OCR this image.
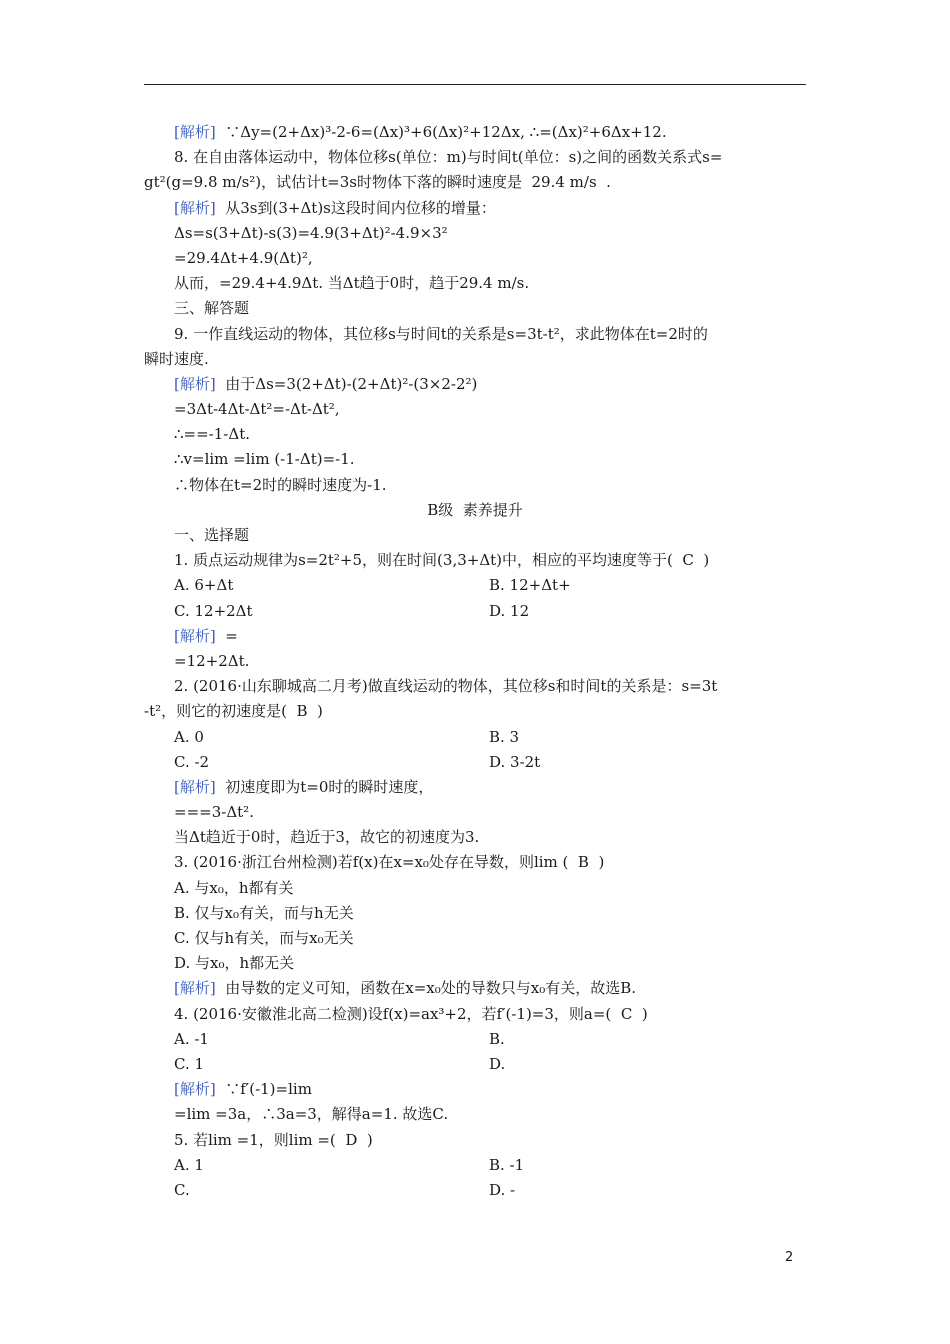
[解析]  ∵Δy=(2+Δx)³-2-6=(Δx)³+6(Δx)²+12Δx, ∴=(Δx)²+6Δx+12.
8. 在自由落体运动中，物体位移s(单位：m)与时间t(单位：s)之间的函数关系式s=
gt²(g=9.8 m/s²)，试估计t=3s时物体下落的瞬时速度是  29.4 m/s  .
[解析]  从3s到(3+Δt)s这段时间内位移的增量：
Δs=s(3+Δt)-s(3)=4.9(3+Δt)²-4.9×3²
=29.4Δt+4.9(Δt)²,
从而，=29.4+4.9Δt. 当Δt趋于0时，趋于29.4 m/s.
三、解答题
9. 一作直线运动的物体，其位移s与时间t的关系是s=3t-t²，求此物体在t=2时的
瞬时速度.
[解析]  由于Δs=3(2+Δt)-(2+Δt)²-(3×2-2²)
=3Δt-4Δt-Δt²=-Δt-Δt²,
∴==-1-Δt.
∴v=lim =lim (-1-Δt)=-1.
∴物体在t=2时的瞬时速度为-1.
B级  素养提升
一、选择题
1. 质点运动规律为s=2t²+5，则在时间(3,3+Δt)中，相应的平均速度等于(  C  )
A. 6+Δt	B. 12+Δt+
C. 12+2Δt	D. 12
[解析]  =
=12+2Δt.
2. (2016·山东聊城高二月考)做直线运动的物体，其位移s和时间t的关系是：s=3t
-t²，则它的初速度是(  B  )
A. 0	B. 3
C. -2	D. 3-2t
[解析]  初速度即为t=0时的瞬时速度，
===3-Δt².
当Δt趋近于0时，趋近于3，故它的初速度为3.
3. (2016·浙江台州检测)若f(x)在x=x₀处存在导数，则lim (  B  )
A. 与x₀，h都有关
B. 仅与x₀有关，而与h无关
C. 仅与h有关，而与x₀无关
D. 与x₀，h都无关
[解析]  由导数的定义可知，函数在x=x₀处的导数只与x₀有关，故选B.
4. (2016·安徽淮北高二检测)设f(x)=ax³+2，若f′(-1)=3，则a=(  C  )
A. -1	B.
C. 1	D.
[解析]  ∵f′(-1)=lim
=lim =3a，∴3a=3，解得a=1. 故选C.
5. 若lim =1，则lim =(  D  )
A. 1	B. -1
C.	D. -
2
